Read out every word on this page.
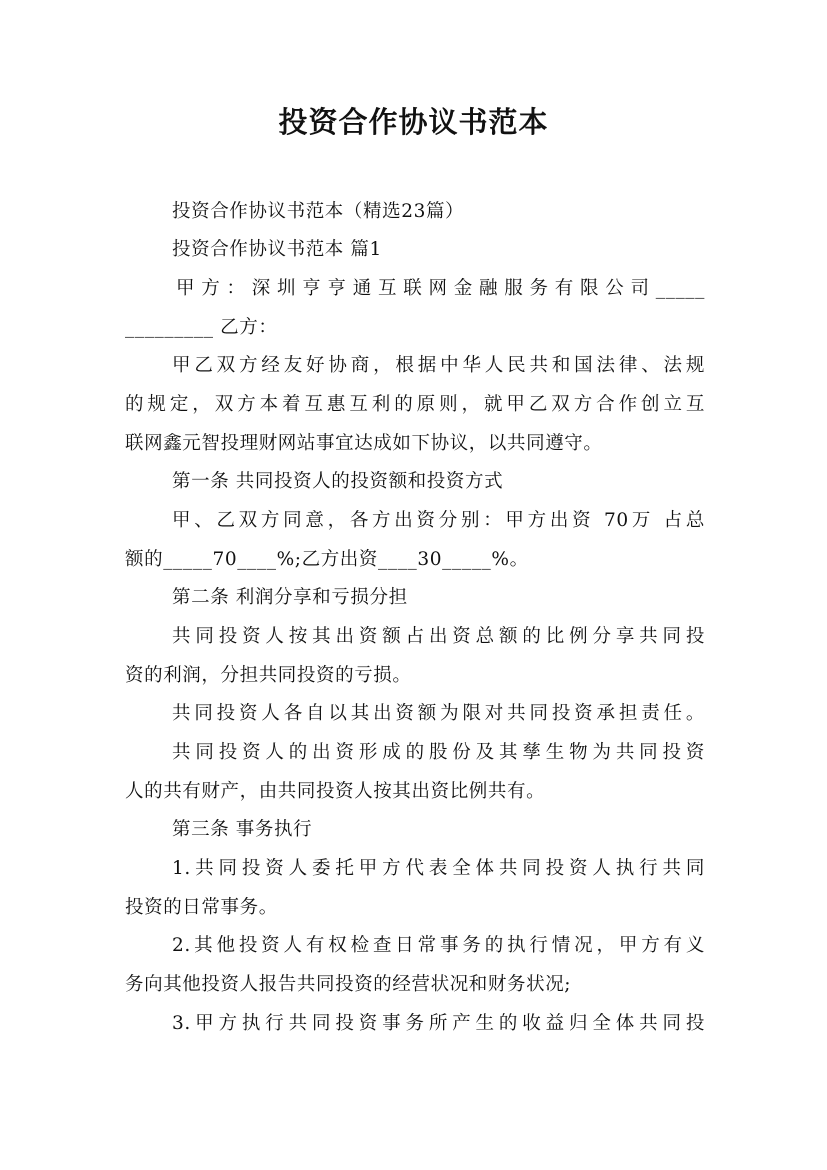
投资合作协议书范本
投资合作协议书范本（精选23篇）
投资合作协议书范本 篇1
甲方：深圳亨亨通互联网金融服务有限公司_____
_________ 乙方：
甲乙双方经友好协商，根据中华人民共和国法律、法规
的规定，双方本着互惠互利的原则，就甲乙双方合作创立互
联网鑫元智投理财网站事宜达成如下协议，以共同遵守。
第一条 共同投资人的投资额和投资方式
甲、乙双方同意，各方出资分别：甲方出资 70万 占总
额的_____70____%;乙方出资____30_____%。
第二条 利润分享和亏损分担
共同投资人按其出资额占出资总额的比例分享共同投
资的利润，分担共同投资的亏损。
共同投资人各自以其出资额为限对共同投资承担责任。
共同投资人的出资形成的股份及其孳生物为共同投资
人的共有财产，由共同投资人按其出资比例共有。
第三条 事务执行
1.共同投资人委托甲方代表全体共同投资人执行共同
投资的日常事务。
2.其他投资人有权检查日常事务的执行情况，甲方有义
务向其他投资人报告共同投资的经营状况和财务状况;
3.甲方执行共同投资事务所产生的收益归全体共同投
